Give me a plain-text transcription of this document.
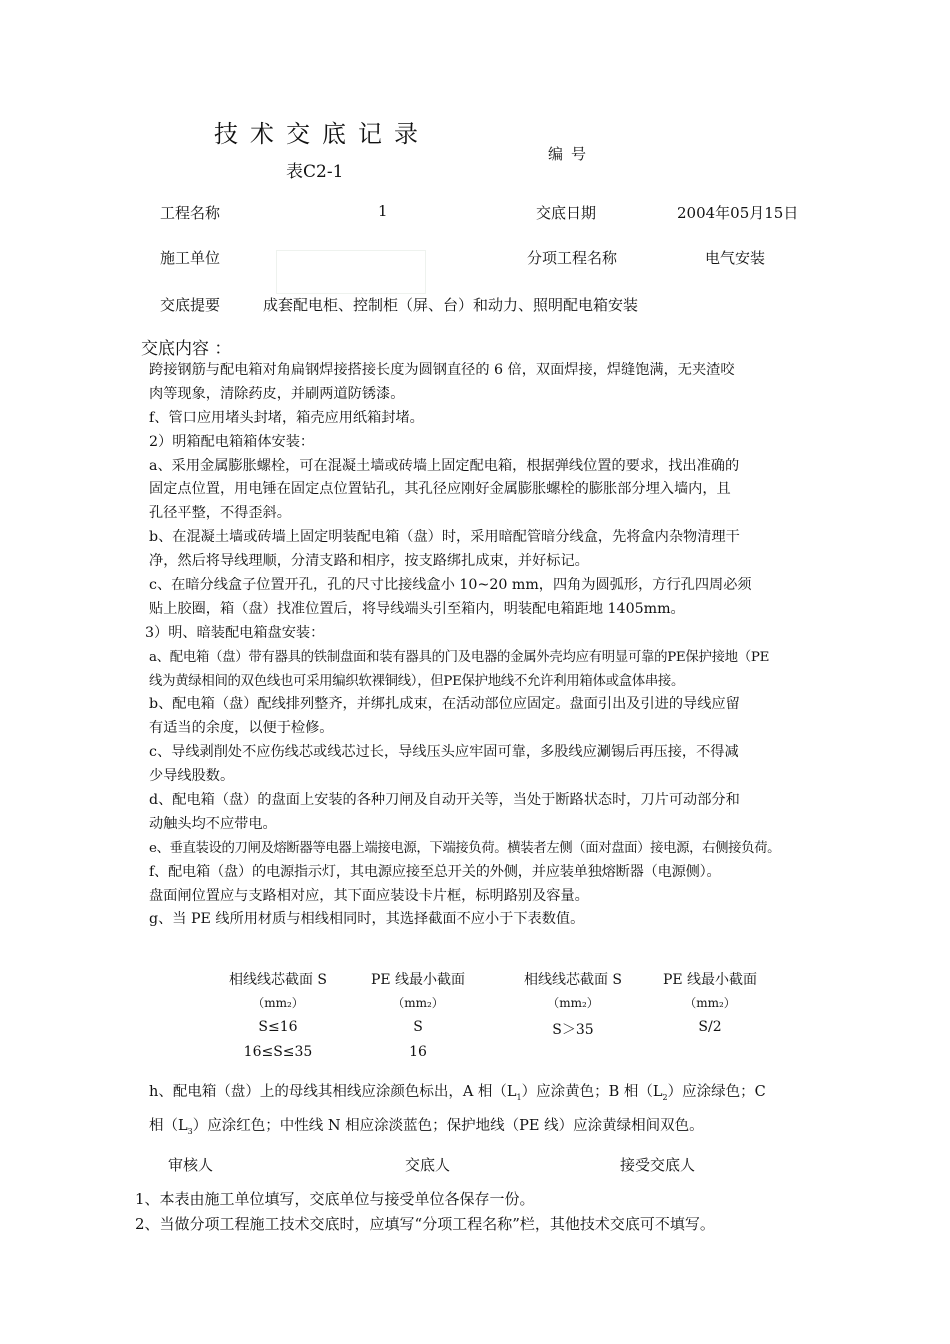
技术交底记录
表C2-1
编号
工程名称	1	交底日期	2004年05月15日
施工单位	分项工程名称	电气安装
交底提要	成套配电柜、控制柜（屏、台）和动力、照明配电箱安装
交底内容 ：
跨接钢筋与配电箱对角扁钢焊接搭接长度为圆钢直径的 6 倍，双面焊接，焊缝饱满，无夹渣咬
肉等现象，清除药皮，并刷两道防锈漆。
f、管口应用堵头封堵，箱壳应用纸箱封堵。
2）明箱配电箱箱体安装：
a、采用金属膨胀螺栓，可在混凝土墙或砖墙上固定配电箱，根据弹线位置的要求，找出准确的
固定点位置，用电锤在固定点位置钻孔，其孔径应刚好金属膨胀螺栓的膨胀部分埋入墙内，且
孔径平整，不得歪斜。
b、在混凝土墙或砖墙上固定明装配电箱（盘）时，采用暗配管暗分线盒，先将盒内杂物清理干
净，然后将导线理顺，分清支路和相序，按支路绑扎成束，并好标记。
c、在暗分线盒子位置开孔，孔的尺寸比接线盒小 10~20 mm，四角为圆弧形，方行孔四周必须
贴上胶圈，箱（盘）找准位置后，将导线端头引至箱内，明装配电箱距地 1405mm。
3）明、暗装配电箱盘安装：
a、配电箱（盘）带有器具的铁制盘面和装有器具的门及电器的金属外壳均应有明显可靠的PE保护接地（PE
线为黄绿相间的双色线也可采用编织软裸铜线），但PE保护地线不允许利用箱体或盒体串接。
b、配电箱（盘）配线排列整齐，并绑扎成束，在活动部位应固定。盘面引出及引进的导线应留
有适当的余度，以便于检修。
c、导线剥削处不应伤线芯或线芯过长，导线压头应牢固可靠，多股线应涮锡后再压接，不得减
少导线股数。
d、配电箱（盘）的盘面上安装的各种刀闸及自动开关等，当处于断路状态时，刀片可动部分和
动触头均不应带电。
e、垂直装设的刀闸及熔断器等电器上端接电源，下端接负荷。横装者左侧（面对盘面）接电源，右侧接负荷。
f、配电箱（盘）的电源指示灯，其电源应接至总开关的外侧，并应装单独熔断器（电源侧）。
盘面闸位置应与支路相对应，其下面应装设卡片框，标明路别及容量。
g、当 PE 线所用材质与相线相同时，其选择截面不应小于下表数值。
相线线芯截面 S	PE 线最小截面	相线线芯截面 S	PE 线最小截面
（mm₂）	（mm₂）	（mm₂）	（mm₂）
S≤16	S	S＞35	S/2
16≤S≤35	16
h、配电箱（盘）上的母线其相线应涂颜色标出，A 相$(L_1)$应涂黄色；B 相$(L_2)$应涂绿色；C
相$(L_3)$应涂红色；中性线 N 相应涂淡蓝色；保护地线（PE 线）应涂黄绿相间双色。
审核人	交底人	接受交底人
1、本表由施工单位填写，交底单位与接受单位各保存一份。
2、当做分项工程施工技术交底时，应填写“分项工程名称”栏，其他技术交底可不填写。
